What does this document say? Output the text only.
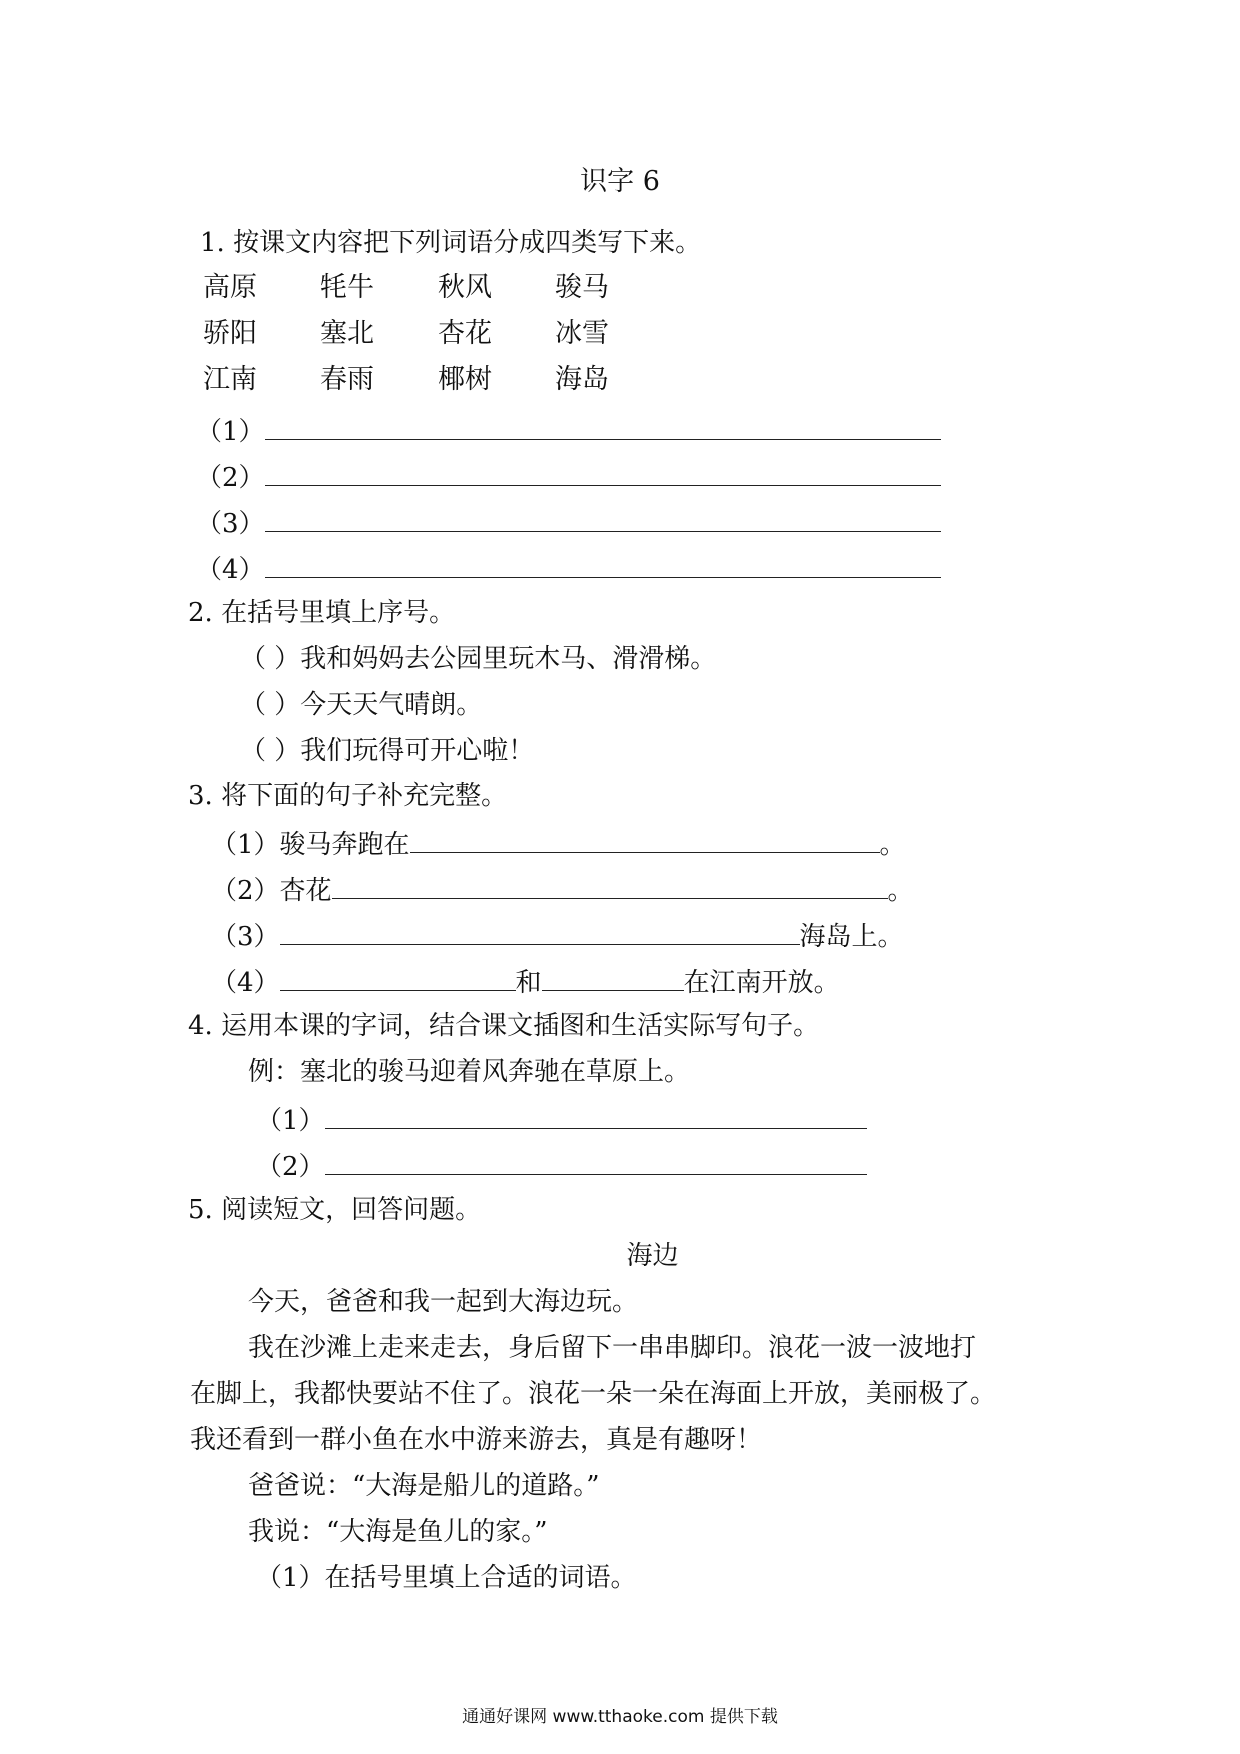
识字 6
1. 按课文内容把下列词语分成四类写下来。
高原 牦牛 秋风 骏马
骄阳 塞北 杏花 冰雪
江南 春雨 椰树 海岛
（1）
（2）
（3）
（4）
2. 在括号里填上序号。
（ ）我和妈妈去公园里玩木马、滑滑梯。
（ ）今天天气晴朗。
（ ）我们玩得可开心啦！
3. 将下面的句子补充完整。
（1）骏马奔跑在	。
（2）杏花	。
（3）	海岛上。
（4）	和	在江南开放。
4. 运用本课的字词，结合课文插图和生活实际写句子。
例：塞北的骏马迎着风奔驰在草原上。
（1）
（2）
5. 阅读短文，回答问题。
海边
今天，爸爸和我一起到大海边玩。
我在沙滩上走来走去，身后留下一串串脚印。浪花一波一波地打
在脚上，我都快要站不住了。浪花一朵一朵在海面上开放，美丽极了。
我还看到一群小鱼在水中游来游去，真是有趣呀！
爸爸说：“大海是船儿的道路。”
我说：“大海是鱼儿的家。”
（1）在括号里填上合适的词语。
通通好课网 www.tthaoke.com 提供下载
